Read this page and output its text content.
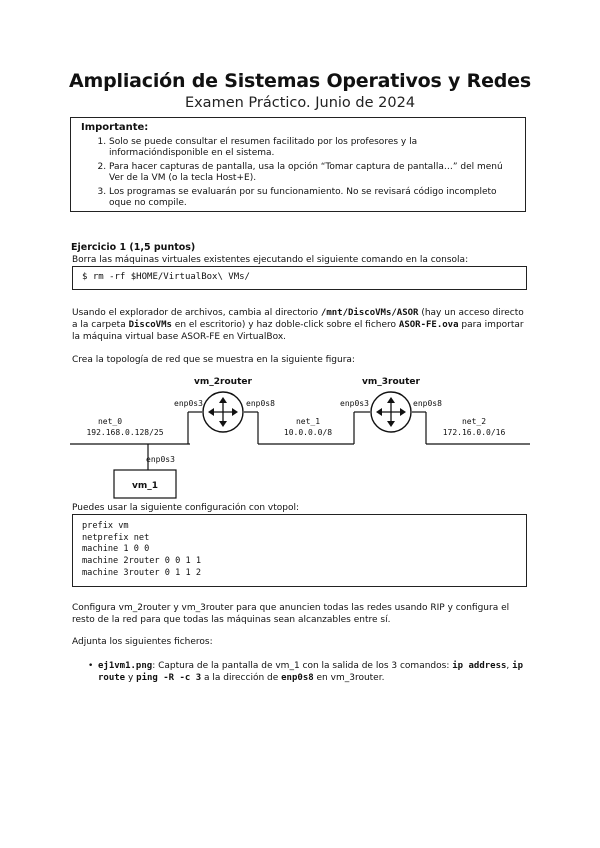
Ampliación de Sistemas Operativos y Redes
Examen Práctico. Junio de 2024
Importante:
1. Solo se puede consultar el resumen facilitado por los profesores y la informacióndisponible en el sistema.
2. Para hacer capturas de pantalla, usa la opción “Tomar captura de pantalla…” del menú Ver de la VM (o la tecla Host+E).
3. Los programas se evaluarán por su funcionamiento. No se revisará código incompleto oque no compile.
Ejercicio 1 (1,5 puntos)
Borra las máquinas virtuales existentes ejecutando el siguiente comando en la consola:
$ rm -rf $HOME/VirtualBox\ VMs/
Usando el explorador de archivos, cambia al directorio /mnt/DiscoVMs/ASOR (hay un acceso directo
a la carpeta DiscoVMs en el escritorio) y haz doble-click sobre el fichero ASOR-FE.ova para importar
la máquina virtual base ASOR-FE en VirtualBox.
Crea la topología de red que se muestra en la siguiente figura:
vm_2router	vm_3router
vm_1
enp0s3	enp0s8	enp0s3	enp0s8
enp0s3
net_0
192.168.0.128/25
net_1
10.0.0.0/8
net_2
172.16.0.0/16
Puedes usar la siguiente configuración con vtopol:
prefix vm
netprefix net
machine 1 0 0
machine 2router 0 0 1 1
machine 3router 0 1 1 2
Configura vm_2router y vm_3router para que anuncien todas las redes usando RIP y configura el
resto de la red para que todas las máquinas sean alcanzables entre sí.
Adjunta los siguientes ficheros:
• ej1vm1.png: Captura de la pantalla de vm_1 con la salida de los 3 comandos: ip address, ip
route y ping -R -c 3 a la dirección de enp0s8 en vm_3router.
